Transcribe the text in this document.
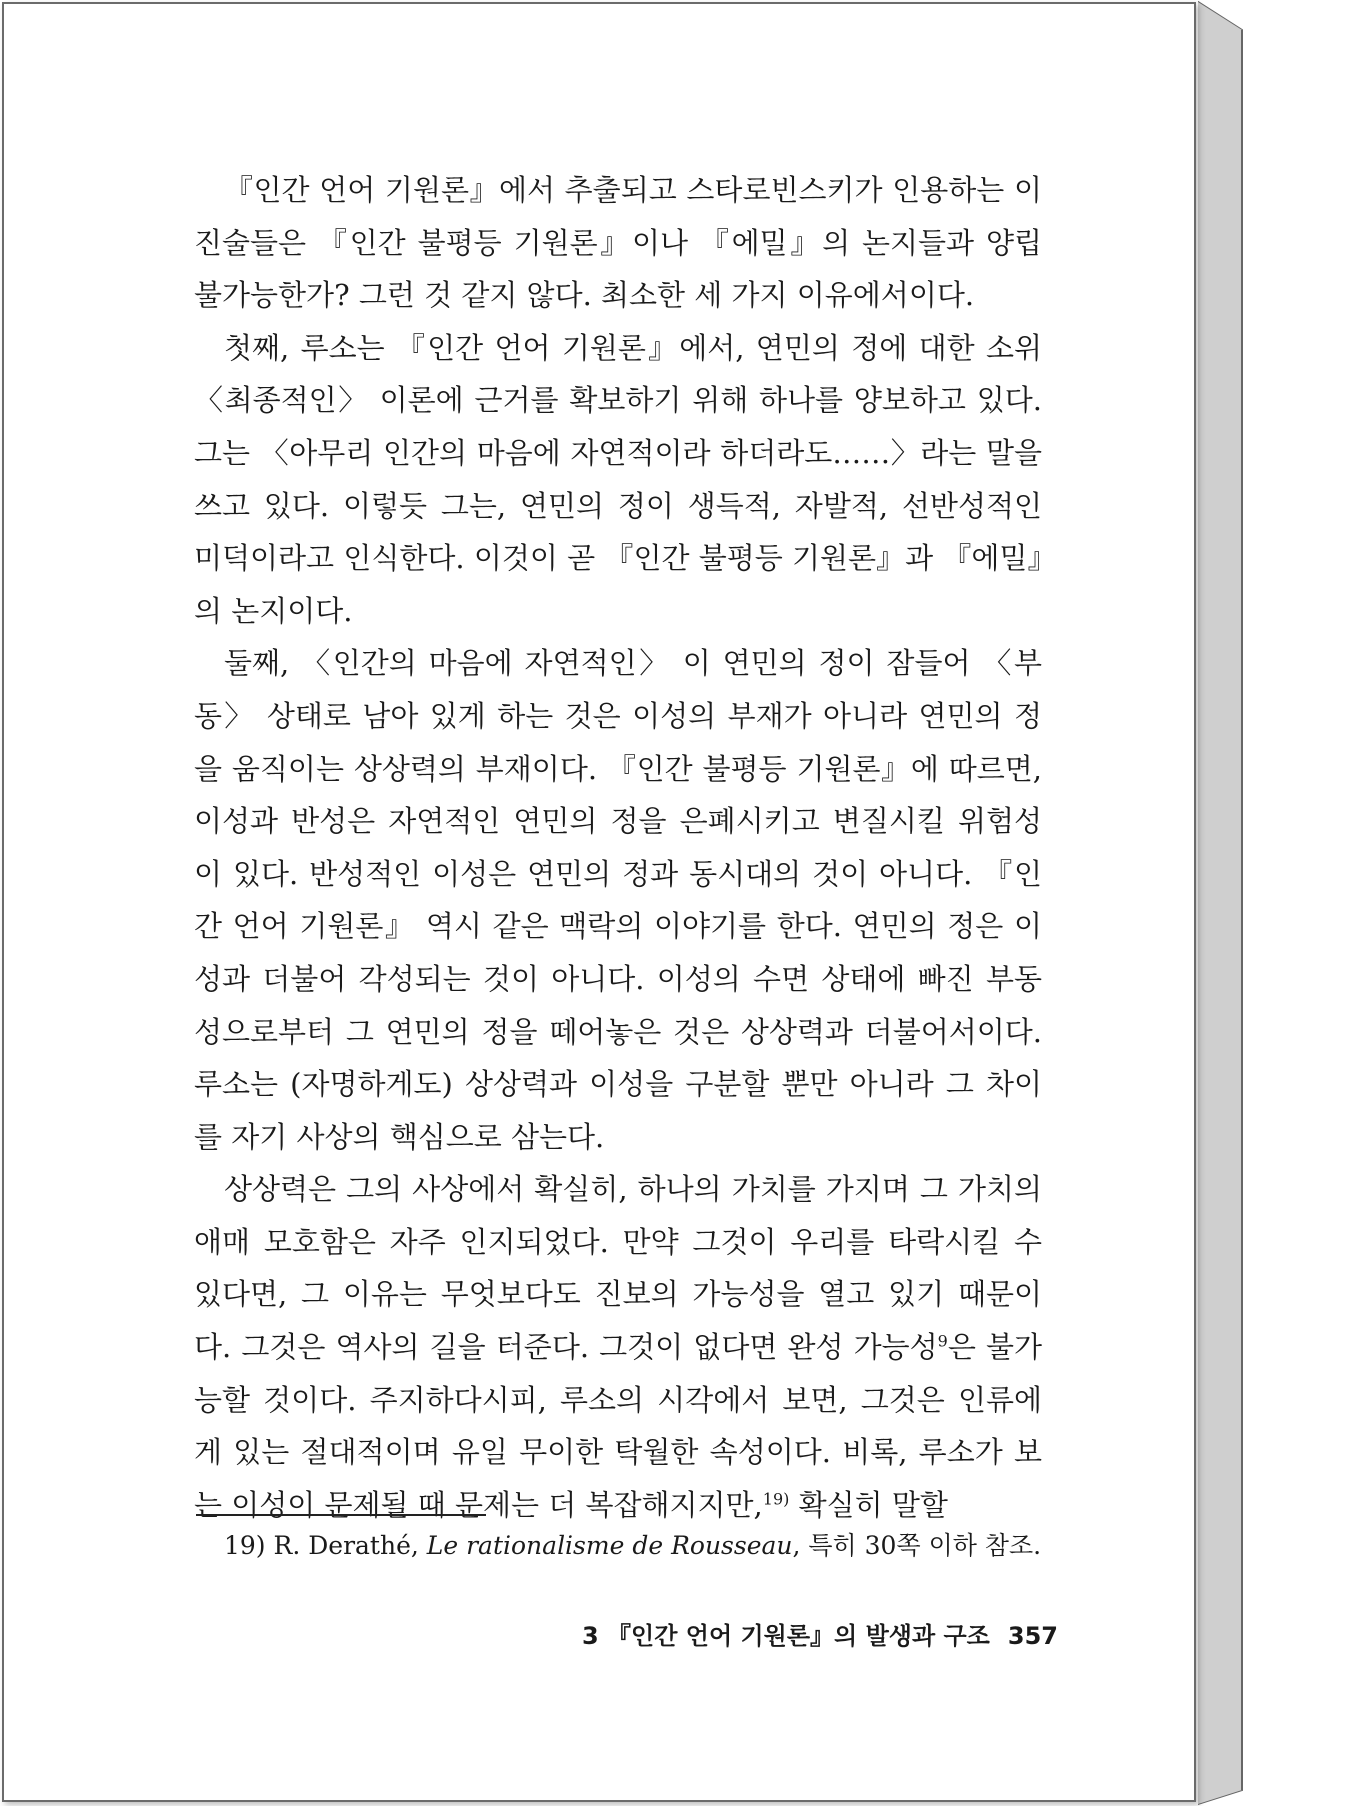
『인간 언어 기원론』에서 추출되고 스타로빈스키가 인용하는 이 진술들은 『인간 불평등 기원론』이나 『에밀』의 논지들과 양립 불가능한가? 그런 것 같지 않다. 최소한 세 가지 이유에서이다.

첫째, 루소는 『인간 언어 기원론』에서, 연민의 정에 대한 소위 〈최종적인〉 이론에 근거를 확보하기 위해 하나를 양보하고 있다. 그는 〈아무리 인간의 마음에 자연적이라 하더라도……〉라는 말을 쓰고 있다. 이렇듯 그는, 연민의 정이 생득적, 자발적, 선반성적인 미덕이라고 인식한다. 이것이 곧 『인간 불평등 기원론』과 『에밀』의 논지이다.

둘째, 〈인간의 마음에 자연적인〉 이 연민의 정이 잠들어 〈부동〉 상태로 남아 있게 하는 것은 이성의 부재가 아니라 연민의 정을 움직이는 상상력의 부재이다. 『인간 불평등 기원론』에 따르면, 이성과 반성은 자연적인 연민의 정을 은폐시키고 변질시킬 위험성이 있다. 반성적인 이성은 연민의 정과 동시대의 것이 아니다. 『인간 언어 기원론』 역시 같은 맥락의 이야기를 한다. 연민의 정은 이성과 더불어 각성되는 것이 아니다. 이성의 수면 상태에 빠진 부동성으로부터 그 연민의 정을 떼어놓은 것은 상상력과 더불어서이다. 루소는 (자명하게도) 상상력과 이성을 구분할 뿐만 아니라 그 차이를 자기 사상의 핵심으로 삼는다.

상상력은 그의 사상에서 확실히, 하나의 가치를 가지며 그 가치의 애매 모호함은 자주 인지되었다. 만약 그것이 우리를 타락시킬 수 있다면, 그 이유는 무엇보다도 진보의 가능성을 열고 있기 때문이다. 그것은 역사의 길을 터준다. 그것이 없다면 완성 가능성$^9$은 불가능할 것이다. 주지하다시피, 루소의 시각에서 보면, 그것은 인류에게 있는 절대적이며 유일 무이한 탁월한 속성이다. 비록, 루소가 보는 이성이 문제될 때 문제는 더 복잡해지지만,$^{19)}$ 확실히 말할

19) R. Derathé, Le rationalisme de Rousseau, 특히 30쪽 이하 참조.
3 『인간 언어 기원론』의 발생과 구조 357
